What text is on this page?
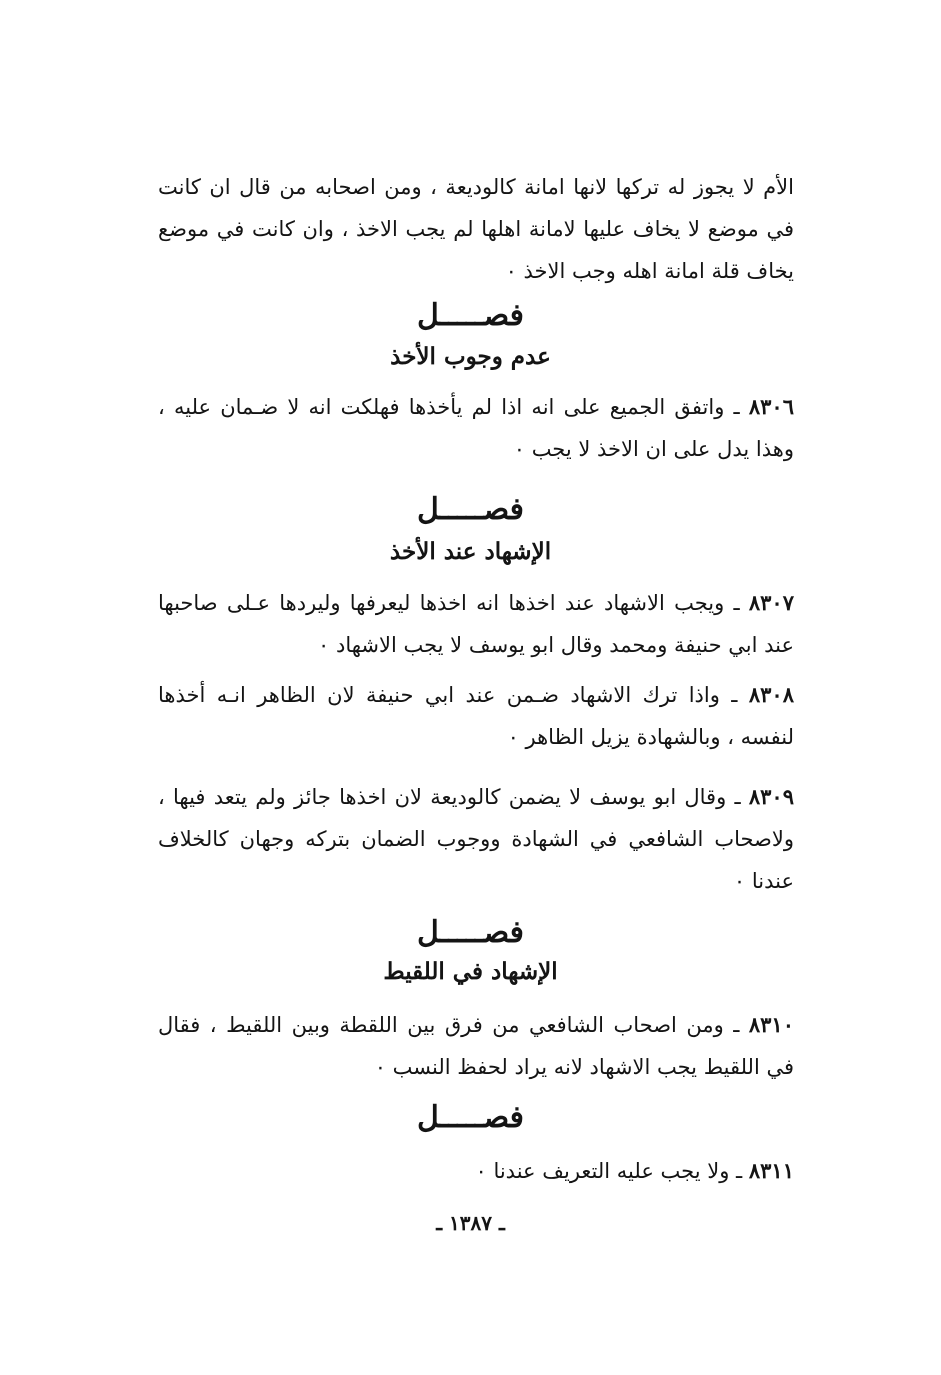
الأم لا يجوز له تركها لانها امانة كالوديعة ، ومن اصحابه من قال ان كانت في موضع لا يخاف عليها لامانة اهلها لم يجب الاخذ ، وان كانت في موضع يخاف قلة امانة اهله وجب الاخذ ٠

فصـــــل
عدم وجوب الأخذ

٨٣٠٦ ـ واتفق الجميع على انه اذا لم يأخذها فهلكت انه لا ضـمان عليه ، وهذا يدل على ان الاخذ لا يجب ٠

فصـــــل
الإشهاد عند الأخذ

٨٣٠٧ ـ ويجب الاشهاد عند اخذها انه اخذها ليعرفها وليردها عـلى صاحبها عند ابي حنيفة ومحمد وقال ابو يوسف لا يجب الاشهاد ٠

٨٣٠٨ ـ واذا ترك الاشهاد ضـمن عند ابي حنيفة لان الظاهر انـه أخذها لنفسه ، وبالشهادة يزيل الظاهر ٠

٨٣٠٩ ـ وقال ابو يوسف لا يضمن كالوديعة لان اخذها جائز ولم يتعد فيها ، ولاصحاب الشافعي في الشهادة ووجوب الضمان بتركه وجهان كالخلاف عندنا ٠

فصـــــل
الإشهاد في اللقيط

٨٣١٠ ـ ومن اصحاب الشافعي من فرق بين اللقطة وبين اللقيط ، فقال في اللقيط يجب الاشهاد لانه يراد لحفظ النسب ٠

فصـــــل

٨٣١١ ـ ولا يجب عليه التعريف عندنا ٠

ـ ١٣٨٧ ـ
